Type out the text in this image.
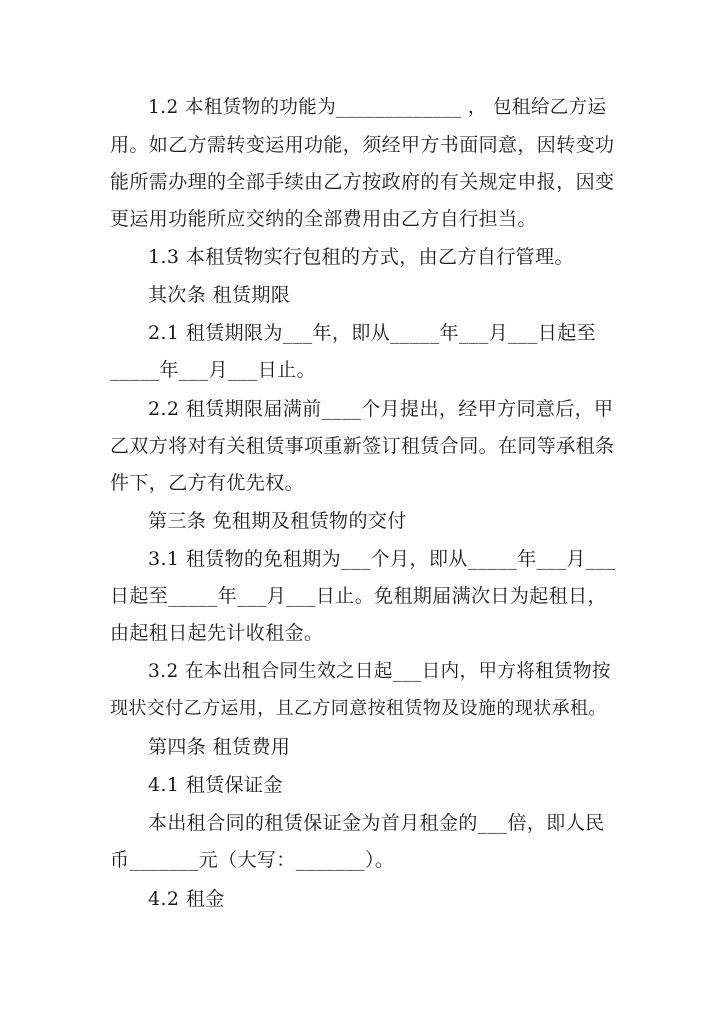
1.2 本租赁物的功能为_____________ ， 包租给乙方运
用。如乙方需转变运用功能，须经甲方书面同意，因转变功
能所需办理的全部手续由乙方按政府的有关规定申报，因变
更运用功能所应交纳的全部费用由乙方自行担当。
1.3 本租赁物实行包租的方式，由乙方自行管理。
其次条 租赁期限
2.1 租赁期限为___年，即从_____年___月___日起至
_____年___月___日止。
2.2 租赁期限届满前____个月提出，经甲方同意后，甲
乙双方将对有关租赁事项重新签订租赁合同。在同等承租条
件下，乙方有优先权。
第三条 免租期及租赁物的交付
3.1 租赁物的免租期为___个月，即从_____年___月___
日起至_____年___月___日止。免租期届满次日为起租日，
由起租日起先计收租金。
3.2 在本出租合同生效之日起___日内，甲方将租赁物按
现状交付乙方运用，且乙方同意按租赁物及设施的现状承租。
第四条 租赁费用
4.1 租赁保证金
本出租合同的租赁保证金为首月租金的___倍，即人民
币_______元（大写：_______）。
4.2 租金
